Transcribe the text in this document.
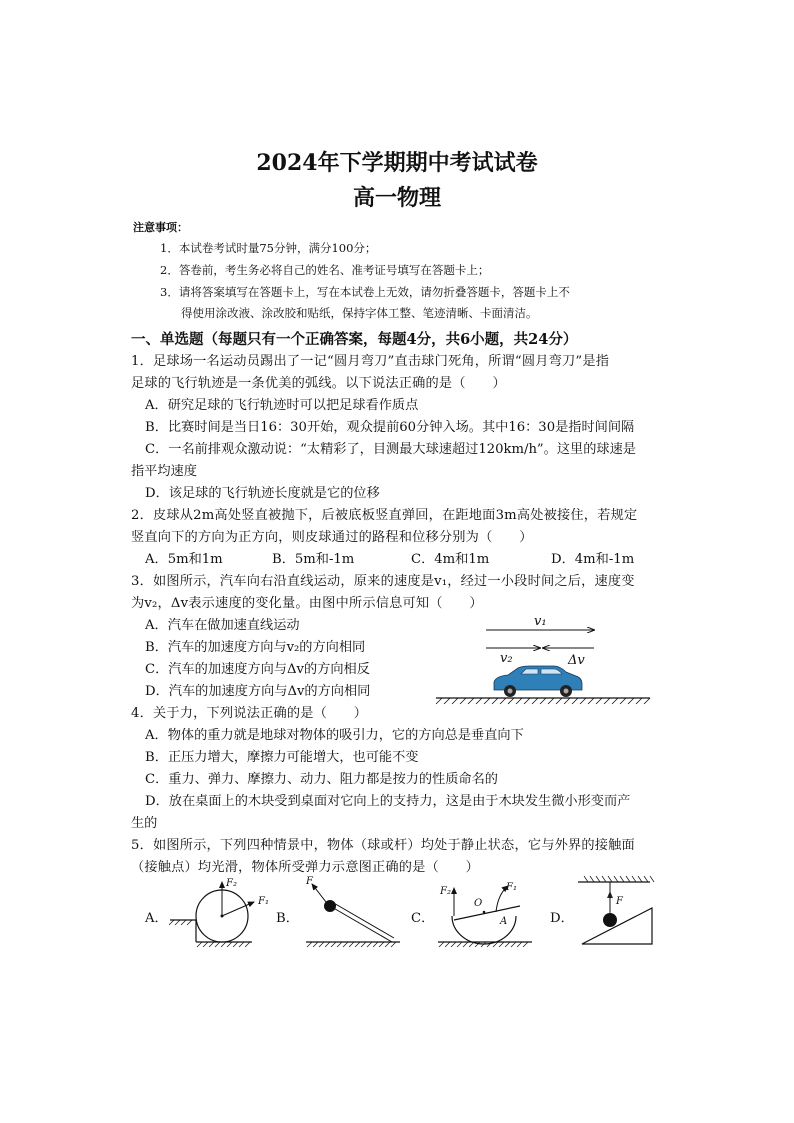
2024年下学期期中考试试卷
高一物理
注意事项：
1．本试卷考试时量75分钟，满分100分；
2．答卷前，考生务必将自己的姓名、准考证号填写在答题卡上；
3．请将答案填写在答题卡上，写在本试卷上无效，请勿折叠答题卡，答题卡上不
得使用涂改液、涂改胶和贴纸，保持字体工整、笔迹清晰、卡面清洁。
一、单选题（每题只有一个正确答案，每题4分，共6小题，共24分）
1．足球场一名运动员踢出了一记“圆月弯刀”直击球门死角，所谓“圆月弯刀”是指
足球的飞行轨迹是一条优美的弧线。以下说法正确的是（　　）
A．研究足球的飞行轨迹时可以把足球看作质点
B．比赛时间是当日16：30开始，观众提前60分钟入场。其中16：30是指时间间隔
C．一名前排观众激动说：“太精彩了，目测最大球速超过120km/h”。这里的球速是
指平均速度
D．该足球的飞行轨迹长度就是它的位移
2．皮球从2m高处竖直被抛下，后被底板竖直弹回，在距地面3m高处被接住，若规定
竖直向下的方向为正方向，则皮球通过的路程和位移分别为（　　）
A．5m和1m	B．5m和-1m	C．4m和1m	D．4m和-1m
3．如图所示，汽车向右沿直线运动，原来的速度是v₁，经过一小段时间之后，速度变
为v₂，Δv表示速度的变化量。由图中所示信息可知（　　）
A．汽车在做加速直线运动
B．汽车的加速度方向与v₂的方向相同
C．汽车的加速度方向与Δv的方向相反
D．汽车的加速度方向与Δv的方向相同
v₁
v₂	Δv
4．关于力，下列说法正确的是（　　）
A．物体的重力就是地球对物体的吸引力，它的方向总是垂直向下
B．正压力增大，摩擦力可能增大，也可能不变
C．重力、弹力、摩擦力、动力、阻力都是按力的性质命名的
D．放在桌面上的木块受到桌面对它向上的支持力，这是由于木块发生微小形变而产
生的
5．如图所示，下列四种情景中，物体（球或杆）均处于静止状态，它与外界的接触面
（接触点）均光滑，物体所受弹力示意图正确的是（　　）
A．	B．	C．	D．
F₂
F₁
F
F₂	F₁
O
A
F
